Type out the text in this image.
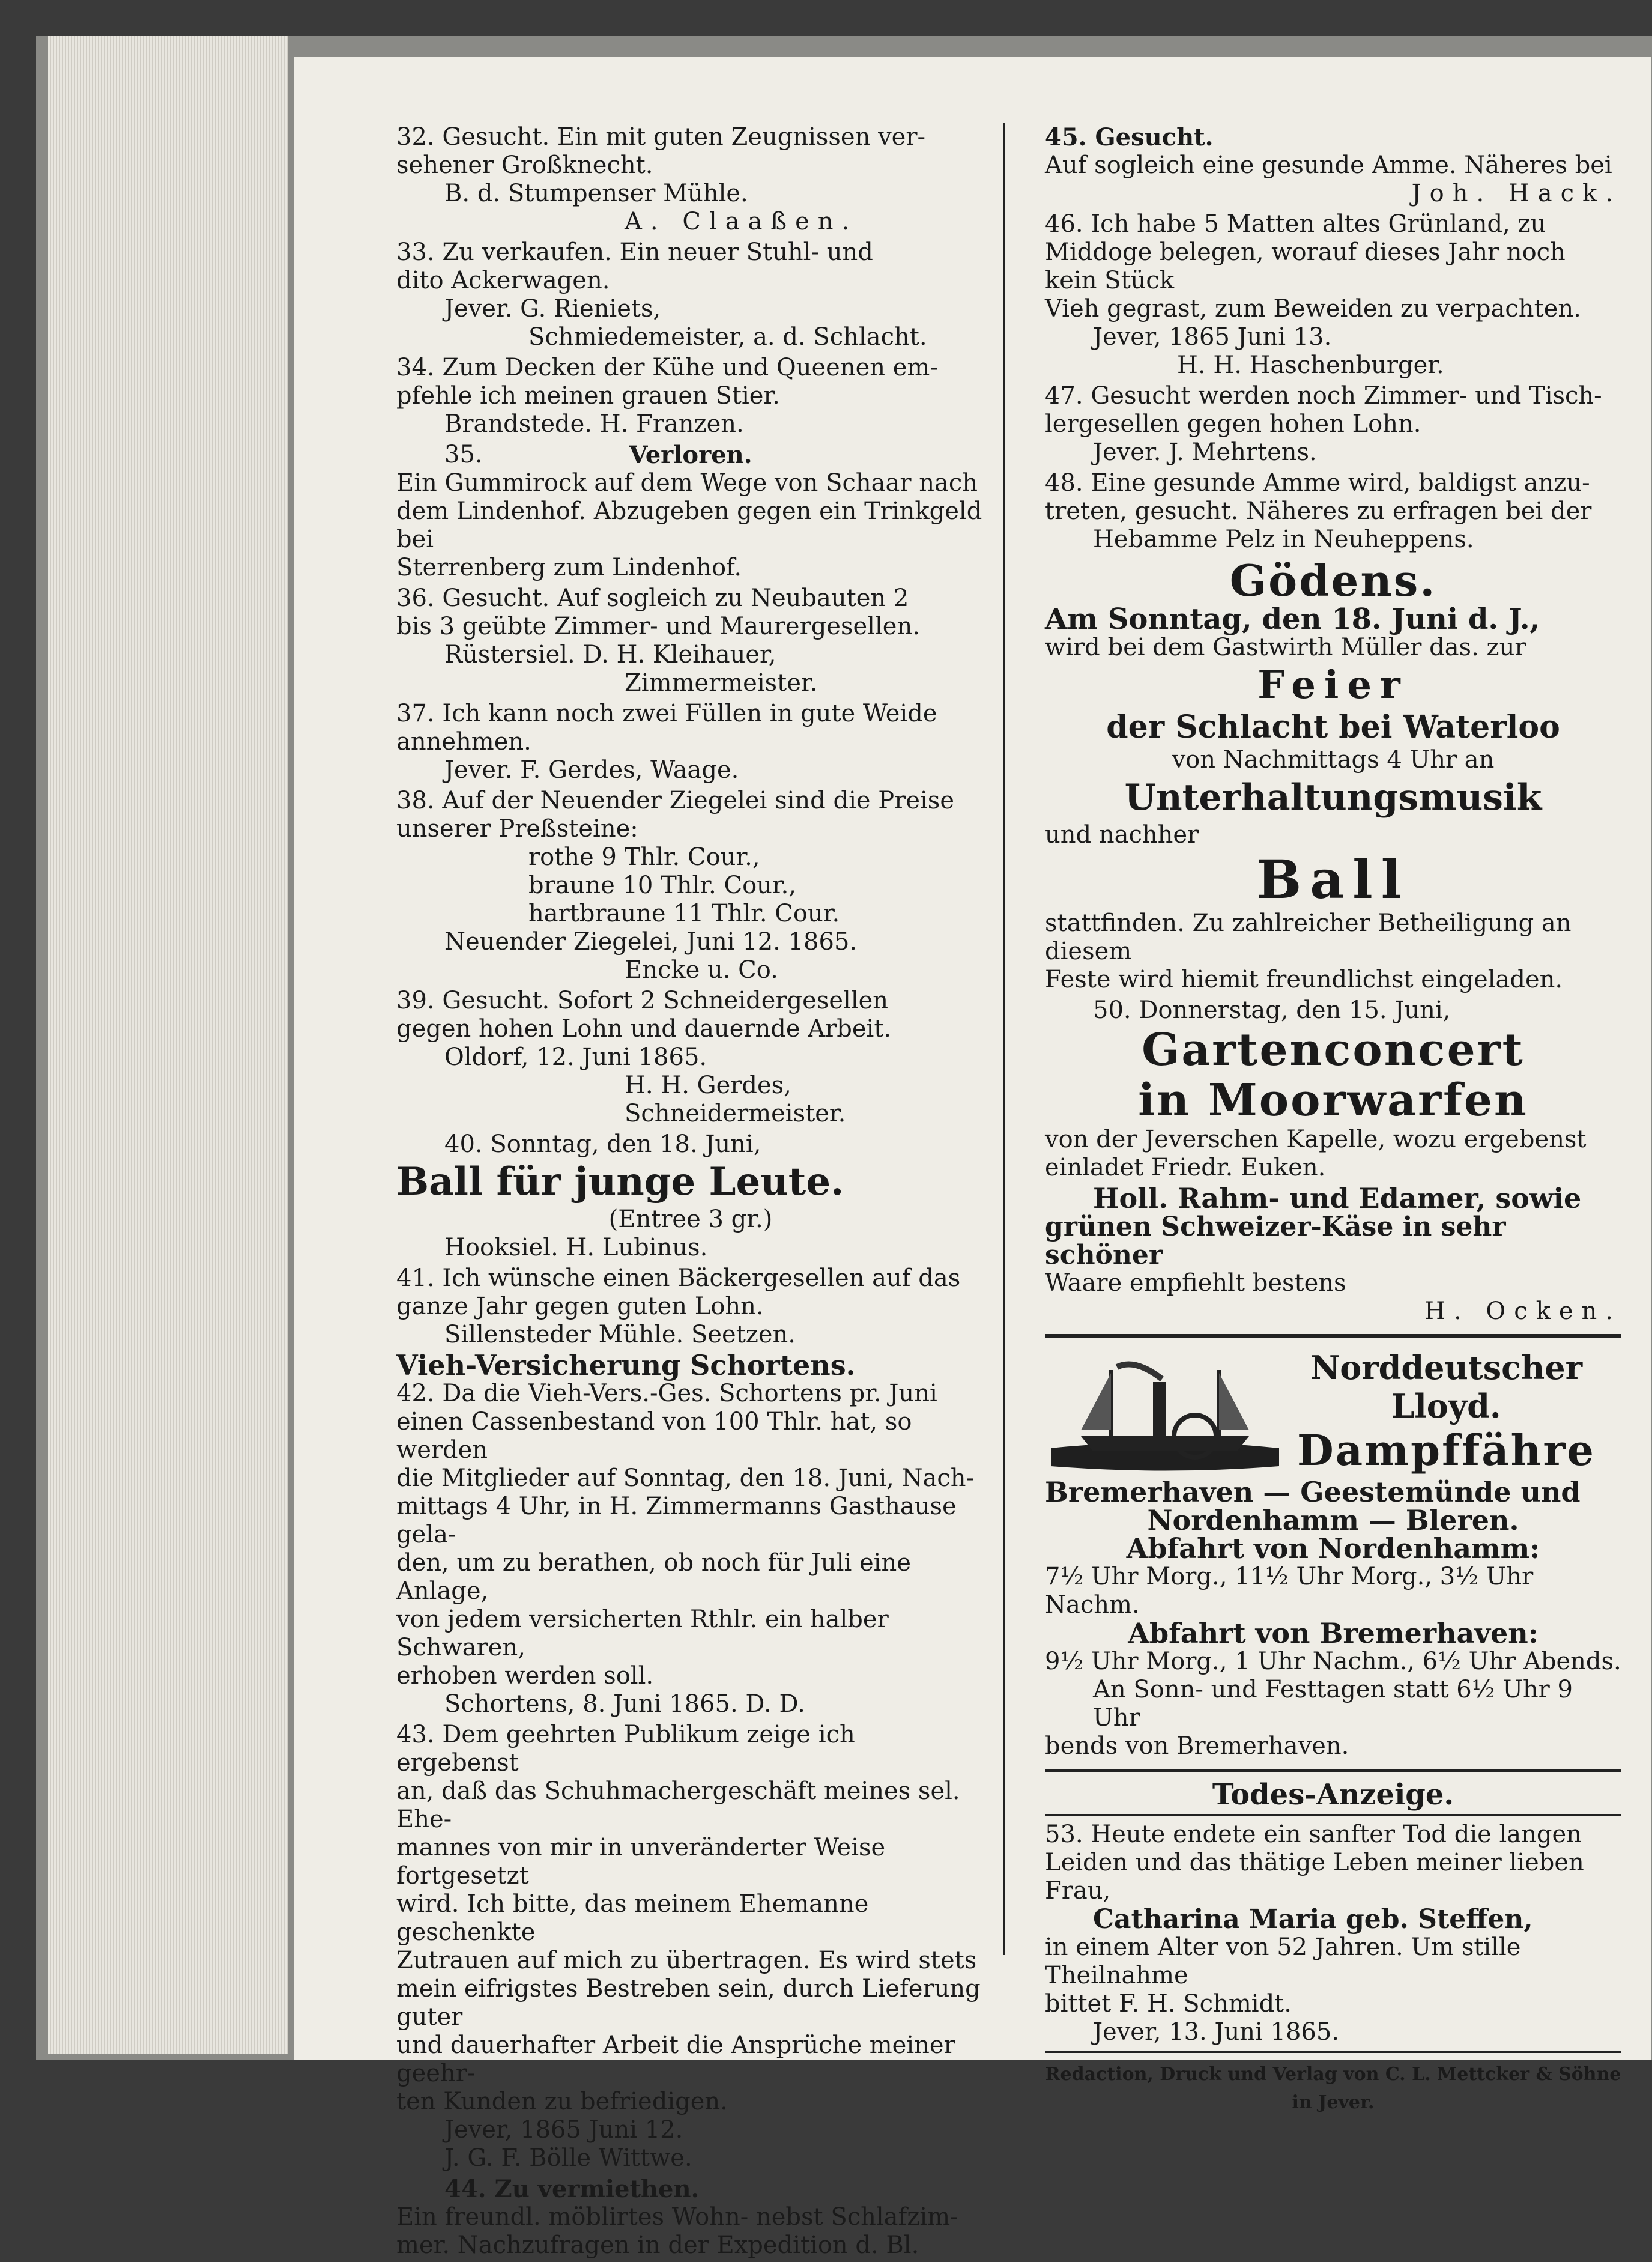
32. Gesucht. Ein mit guten Zeugnissen ver-

sehener Großknecht.

B. d. Stumpenser Mühle.

A. Claaßen.

33. Zu verkaufen. Ein neuer Stuhl- und

dito Ackerwagen.

Jever. G. Rieniets,

Schmiedemeister, a. d. Schlacht.

34. Zum Decken der Kühe und Queenen em-

pfehle ich meinen grauen Stier.

Brandstede. H. Franzen.

35.	Verloren.

Ein Gummirock auf dem Wege von Schaar nach

dem Lindenhof. Abzugeben gegen ein Trinkgeld bei

Sterrenberg zum Lindenhof.

36. Gesucht. Auf sogleich zu Neubauten 2

bis 3 geübte Zimmer- und Maurergesellen.

Rüstersiel. D. H. Kleihauer,

Zimmermeister.

37. Ich kann noch zwei Füllen in gute Weide

annehmen.

Jever. F. Gerdes, Waage.

38. Auf der Neuender Ziegelei sind die Preise

unserer Preßsteine:

rothe 9 Thlr. Cour.,

braune 10 Thlr. Cour.,

hartbraune 11 Thlr. Cour.

Neuender Ziegelei, Juni 12. 1865.

Encke u. Co.

39. Gesucht. Sofort 2 Schneidergesellen

gegen hohen Lohn und dauernde Arbeit.

Oldorf, 12. Juni 1865.

H. H. Gerdes,

Schneidermeister.

40. Sonntag, den 18. Juni,

Ball für junge Leute.

(Entree 3 gr.)

Hooksiel. H. Lubinus.

41. Ich wünsche einen Bäckergesellen auf das

ganze Jahr gegen guten Lohn.

Sillensteder Mühle. Seetzen.

Vieh-Versicherung Schortens.

42. Da die Vieh-Vers.-Ges. Schortens pr. Juni

einen Cassenbestand von 100 Thlr. hat, so werden

die Mitglieder auf Sonntag, den 18. Juni, Nach-

mittags 4 Uhr, in H. Zimmermanns Gasthause gela-

den, um zu berathen, ob noch für Juli eine Anlage,

von jedem versicherten Rthlr. ein halber Schwaren,

erhoben werden soll.

Schortens, 8. Juni 1865. D. D.

43. Dem geehrten Publikum zeige ich ergebenst

an, daß das Schuhmachergeschäft meines sel. Ehe-

mannes von mir in unveränderter Weise fortgesetzt

wird. Ich bitte, das meinem Ehemanne geschenkte

Zutrauen auf mich zu übertragen. Es wird stets

mein eifrigstes Bestreben sein, durch Lieferung guter

und dauerhafter Arbeit die Ansprüche meiner geehr-

ten Kunden zu befriedigen.

Jever, 1865 Juni 12.

J. G. F. Bölle Wittwe.

44. Zu vermiethen.

Ein freundl. möblirtes Wohn- nebst Schlafzim-

mer. Nachzufragen in der Expedition d. Bl.

45. Gesucht.

Auf sogleich eine gesunde Amme. Näheres bei

Joh. Hack.

46. Ich habe 5 Matten altes Grünland, zu

Middoge belegen, worauf dieses Jahr noch kein Stück

Vieh gegrast, zum Beweiden zu verpachten.

Jever, 1865 Juni 13.

H. H. Haschenburger.

47. Gesucht werden noch Zimmer- und Tisch-

lergesellen gegen hohen Lohn.

Jever. J. Mehrtens.

48. Eine gesunde Amme wird, baldigst anzu-

treten, gesucht. Näheres zu erfragen bei der

Hebamme Pelz in Neuheppens.

Gödens.

Am Sonntag, den 18. Juni d. J.,

wird bei dem Gastwirth Müller das. zur

Feier

der Schlacht bei Waterloo

von Nachmittags 4 Uhr an

Unterhaltungsmusik

und nachher

Ball

stattfinden. Zu zahlreicher Betheiligung an diesem

Feste wird hiemit freundlichst eingeladen.

50. Donnerstag, den 15. Juni,

Gartenconcert

in Moorwarfen

von der Jeverschen Kapelle, wozu ergebenst

einladet Friedr. Euken.

Holl. Rahm- und Edamer, sowie

grünen Schweizer-Käse in sehr schöner

Waare empfiehlt bestens

H. Ocken.

Norddeutscher

Lloyd.

Dampffähre

Bremerhaven — Geestemünde und

Nordenhamm — Bleren.

Abfahrt von Nordenhamm:

7½ Uhr Morg., 11½ Uhr Morg., 3½ Uhr Nachm.

Abfahrt von Bremerhaven:

9½ Uhr Morg., 1 Uhr Nachm., 6½ Uhr Abends.

An Sonn- und Festtagen statt 6½ Uhr 9 Uhr

bends von Bremerhaven.

Todes-Anzeige.

53. Heute endete ein sanfter Tod die langen

Leiden und das thätige Leben meiner lieben Frau,

Catharina Maria geb. Steffen,

in einem Alter von 52 Jahren. Um stille Theilnahme

bittet F. H. Schmidt.

Jever, 13. Juni 1865.

Redaction, Druck und Verlag von C. L. Mettcker & Söhne in Jever.
